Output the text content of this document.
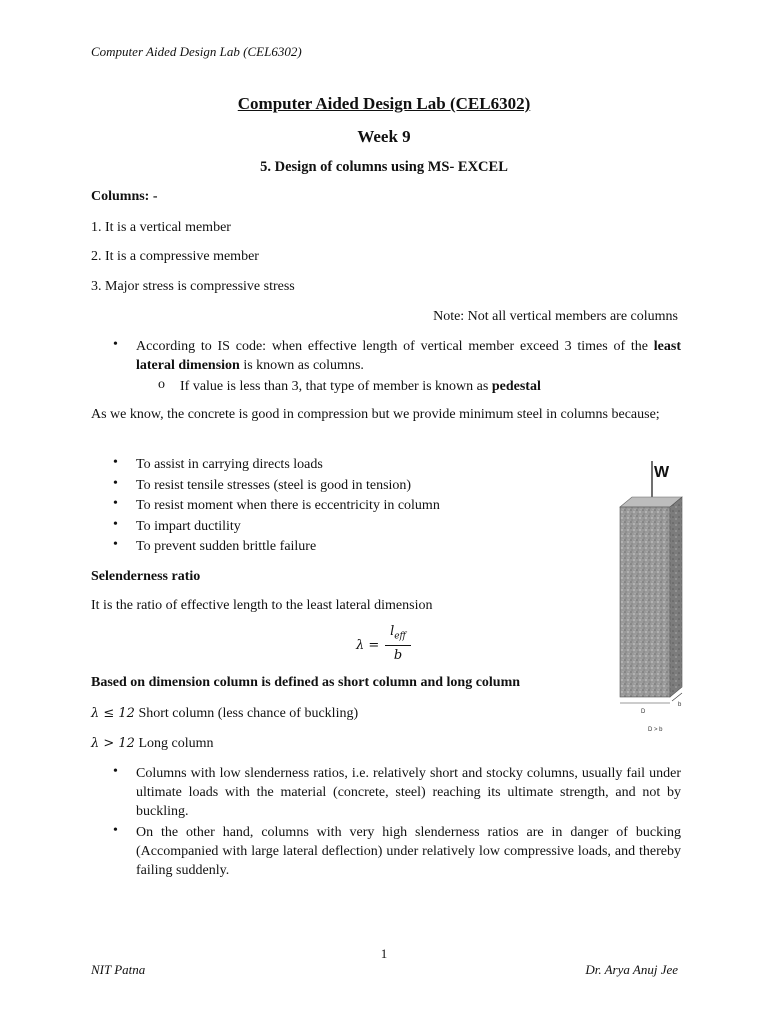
Computer Aided Design Lab (CEL6302)
Computer Aided Design Lab (CEL6302)
Week 9
5. Design of columns using MS- EXCEL
Columns: -
1. It is a vertical member
2. It is a compressive member
3. Major stress is compressive stress
Note: Not all vertical members are columns
• According to IS code: when effective length of vertical member exceed 3 times of the least lateral dimension is known as columns.
o If value is less than 3, that type of member is known as pedestal
As we know, the concrete is good in compression but we provide minimum steel in columns because;
• To assist in carrying directs loads
• To resist tensile stresses (steel is good in tension)
• To resist moment when there is eccentricity in column
• To impart ductility
• To prevent sudden brittle failure
Selenderness ratio
It is the ratio of effective length to the least lateral dimension
λ =
$l_{eff}$
b
Based on dimension column is defined as short column and long column
λ ≤ 12 Short column (less chance of buckling)
λ > 12 Long column
• Columns with low slenderness ratios, i.e. relatively short and stocky columns, usually fail under ultimate loads with the material (concrete, steel) reaching its ultimate strength, and not by buckling.
• On the other hand, columns with very high slenderness ratios are in danger of bucking (Accompanied with large lateral deflection) under relatively low compressive loads, and thereby failing suddenly.
W
D
b
D > b
1
NIT Patna	Dr. Arya Anuj Jee
